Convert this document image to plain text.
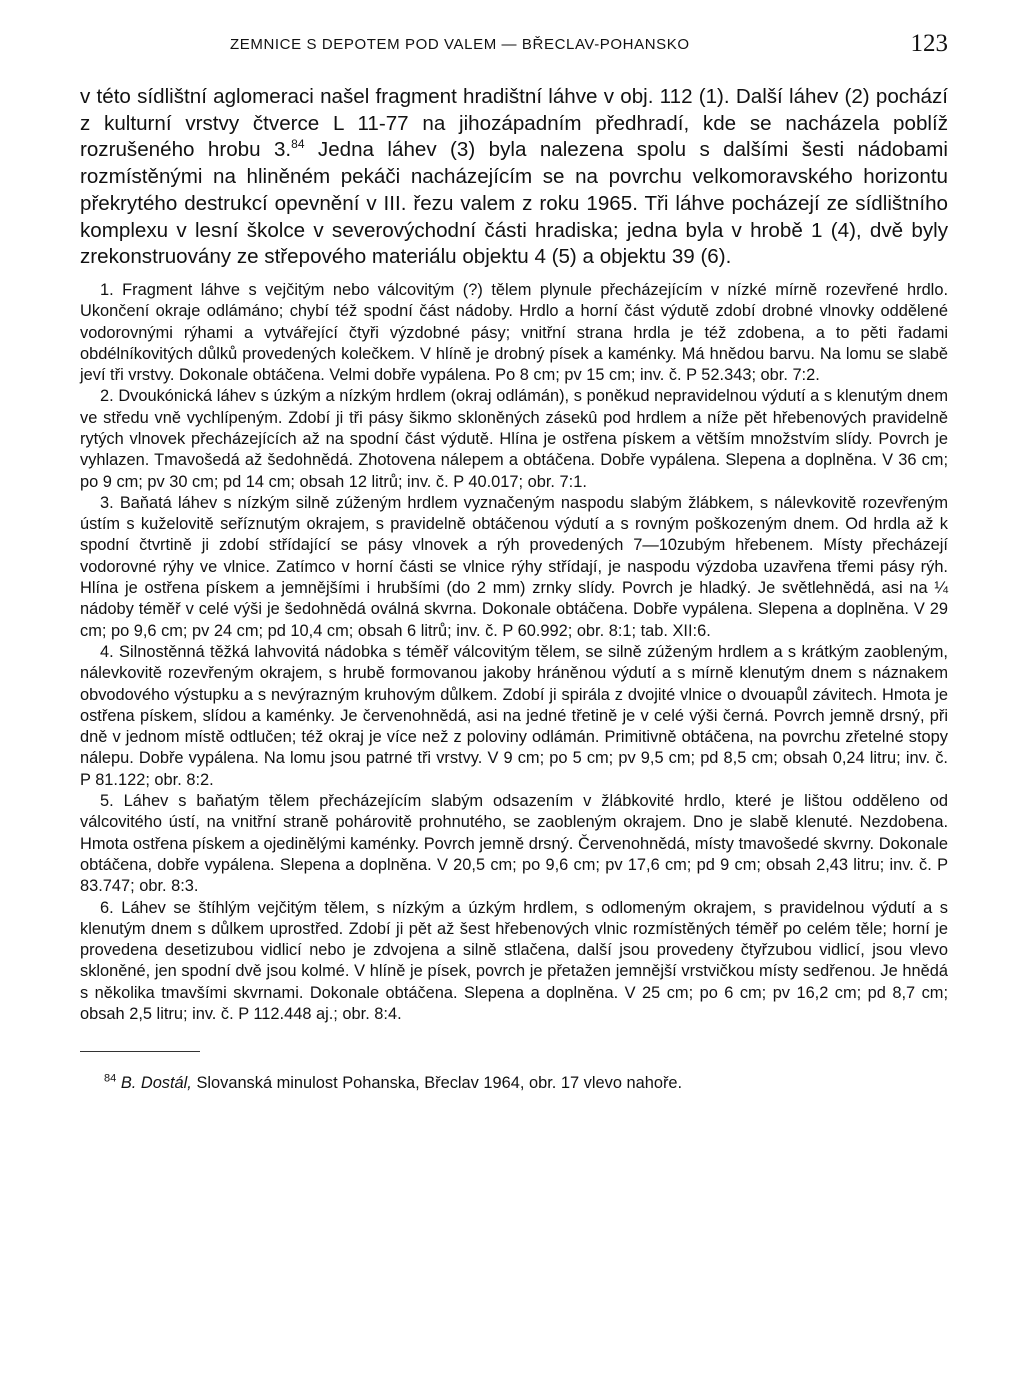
ZEMNICE S DEPOTEM POD VALEM — BŘECLAV-POHANSKO	123

v této sídlištní aglomeraci našel fragment hradištní láhve v obj. 112 (1). Další láhev (2) pochází z kulturní vrstvy čtverce L 11-77 na jihozápadním předhradí, kde se nacházela poblíž rozrušeného hrobu 3.84 Jedna láhev (3) byla nalezena spolu s dalšími šesti nádobami rozmístěnými na hliněném pekáči nacházejícím se na povrchu velkomoravského horizontu překrytého destrukcí opevnění v III. řezu valem z roku 1965. Tři láhve pocházejí ze sídlištního komplexu v lesní školce v severovýchodní části hradiska; jedna byla v hrobě 1 (4), dvě byly zrekonstruovány ze střepového materiálu objektu 4 (5) a objektu 39 (6).

1. Fragment láhve s vejčitým nebo válcovitým (?) tělem plynule přecházejícím v nízké mírně rozevřené hrdlo. Ukončení okraje odlámáno; chybí též spodní část nádoby. Hrdlo a horní část výdutě zdobí drobné vlnovky oddělené vodorovnými rýhami a vytvářející čtyři výzdobné pásy; vnitřní strana hrdla je též zdobena, a to pěti řadami obdélníkovitých důlků provedených kolečkem. V hlíně je drobný písek a kaménky. Má hnědou barvu. Na lomu se slabě jeví tři vrstvy. Dokonale obtáčena. Velmi dobře vypálena. Po 8 cm; pv 15 cm; inv. č. P 52.343; obr. 7:2.

2. Dvoukónická láhev s úzkým a nízkým hrdlem (okraj odlámán), s poněkud nepravidelnou výdutí a s klenutým dnem ve středu vně vychlípeným. Zdobí ji tři pásy šikmo skloněných zásekû pod hrdlem a níže pět hřebenových pravidelně rytých vlnovek přecházejících až na spodní část výdutě. Hlína je ostřena pískem a větším množstvím slídy. Povrch je vyhlazen. Tmavošedá až šedohnědá. Zhotovena nálepem a obtáčena. Dobře vypálena. Slepena a doplněna. V 36 cm; po 9 cm; pv 30 cm; pd 14 cm; obsah 12 litrů; inv. č. P 40.017; obr. 7:1.

3. Baňatá láhev s nízkým silně zúženým hrdlem vyznačeným naspodu slabým žlábkem, s nálevkovitě rozevřeným ústím s kuželovitě seříznutým okrajem, s pravidelně obtáčenou výdutí a s rovným poškozeným dnem. Od hrdla až k spodní čtvrtině ji zdobí střídající se pásy vlnovek a rýh provedených 7—10zubým hřebenem. Místy přecházejí vodorovné rýhy ve vlnice. Zatímco v horní části se vlnice rýhy střídají, je naspodu výzdoba uzavřena třemi pásy rýh. Hlína je ostřena pískem a jemnějšími i hrubšími (do 2 mm) zrnky slídy. Povrch je hladký. Je světlehnědá, asi na ¼ nádoby téměř v celé výši je šedohnědá oválná skvrna. Dokonale obtáčena. Dobře vypálena. Slepena a doplněna. V 29 cm; po 9,6 cm; pv 24 cm; pd 10,4 cm; obsah 6 litrů; inv. č. P 60.992; obr. 8:1; tab. XII:6.

4. Silnostěnná těžká lahvovitá nádobka s téměř válcovitým tělem, se silně zúženým hrdlem a s krátkým zaobleným, nálevkovitě rozevřeným okrajem, s hrubě formovanou jakoby hráněnou výdutí a s mírně klenutým dnem s náznakem obvodového výstupku a s nevýrazným kruhovým důlkem. Zdobí ji spirála z dvojité vlnice o dvouapůl závitech. Hmota je ostřena pískem, slídou a kaménky. Je červenohnědá, asi na jedné třetině je v celé výši černá. Povrch jemně drsný, při dně v jednom místě odtlučen; též okraj je více než z poloviny odlámán. Primitivně obtáčena, na povrchu zřetelné stopy nálepu. Dobře vypálena. Na lomu jsou patrné tři vrstvy. V 9 cm; po 5 cm; pv 9,5 cm; pd 8,5 cm; obsah 0,24 litru; inv. č. P 81.122; obr. 8:2.

5. Láhev s baňatým tělem přecházejícím slabým odsazením v žlábkovité hrdlo, které je lištou odděleno od válcovitého ústí, na vnitřní straně pohárovitě prohnutého, se zaobleným okrajem. Dno je slabě klenuté. Nezdobena. Hmota ostřena pískem a ojedinělými kaménky. Povrch jemně drsný. Červenohnědá, místy tmavošedé skvrny. Dokonale obtáčena, dobře vypálena. Slepena a doplněna. V 20,5 cm; po 9,6 cm; pv 17,6 cm; pd 9 cm; obsah 2,43 litru; inv. č. P 83.747; obr. 8:3.

6. Láhev se štíhlým vejčitým tělem, s nízkým a úzkým hrdlem, s odlomeným okrajem, s pravidelnou výdutí a s klenutým dnem s důlkem uprostřed. Zdobí ji pět až šest hřebenových vlnic rozmístěných téměř po celém těle; horní je provedena desetizubou vidlicí nebo je zdvojena a silně stlačena, další jsou provedeny čtyřzubou vidlicí, jsou vlevo skloněné, jen spodní dvě jsou kolmé. V hlíně je písek, povrch je přetažen jemnější vrstvičkou místy sedřenou. Je hnědá s několika tmavšími skvrnami. Dokonale obtáčena. Slepena a doplněna. V 25 cm; po 6 cm; pv 16,2 cm; pd 8,7 cm; obsah 2,5 litru; inv. č. P 112.448 aj.; obr. 8:4.

$^{84}$ B. Dostál, Slovanská minulost Pohanska, Břeclav 1964, obr. 17 vlevo nahoře.
